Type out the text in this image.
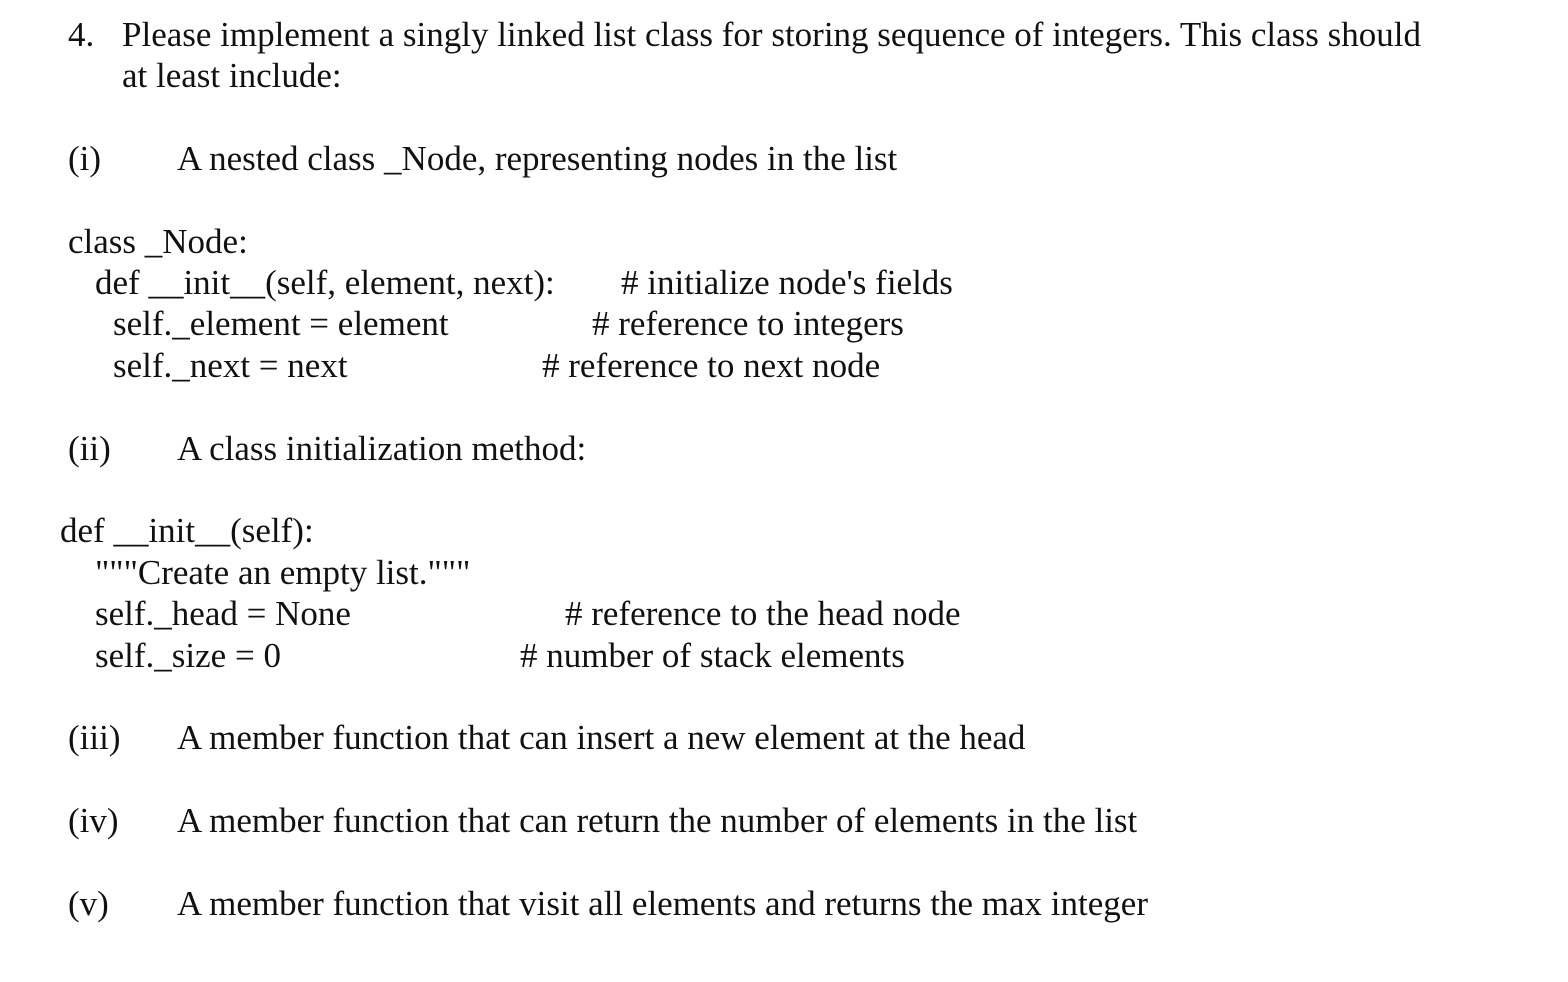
4. Please implement a singly linked list class for storing sequence of integers. This class should
at least include:
(i) A nested class _Node, representing nodes in the list
class _Node:
def __init__(self, element, next): # initialize node's fields
self._element = element	# reference to integers
self._next = next	# reference to next node
(ii) A class initialization method:
def __init__(self):
"""Create an empty list."""
self._head = None	# reference to the head node
self._size = 0	# number of stack elements
(iii) A member function that can insert a new element at the head
(iv) A member function that can return the number of elements in the list
(v) A member function that visit all elements and returns the max integer
